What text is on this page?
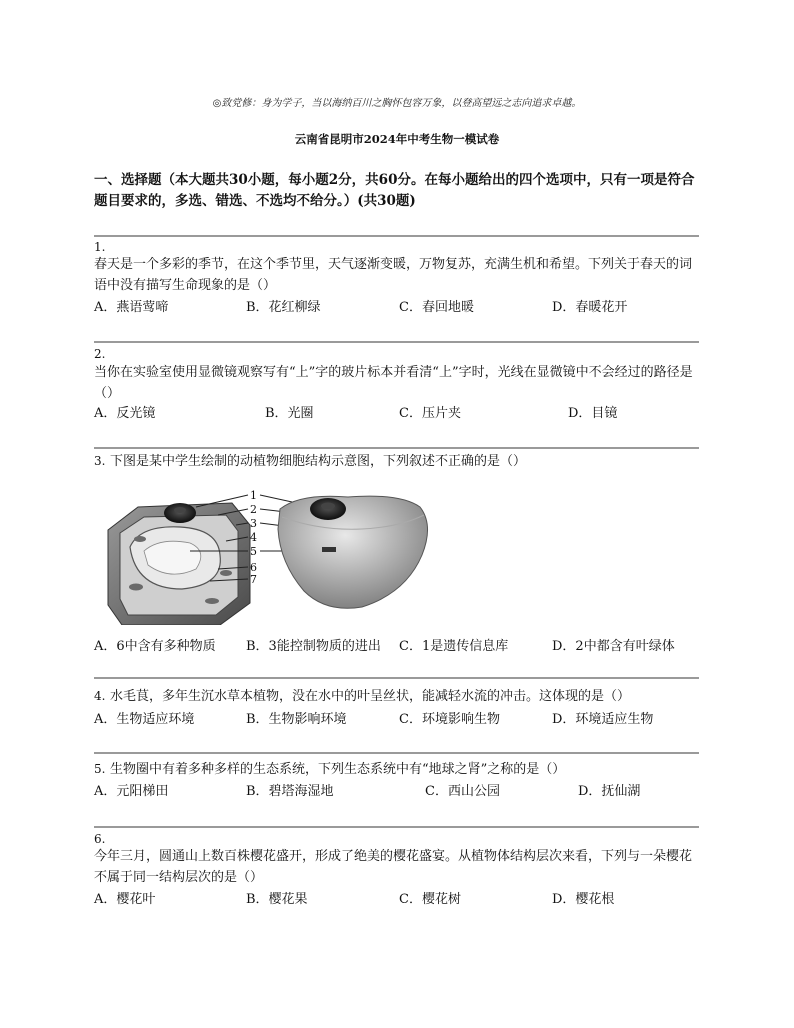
◎致党修：身为学子，当以海纳百川之胸怀包容万象，以登高望远之志向追求卓越。
云南省昆明市2024年中考生物一模试卷
一、选择题（本大题共30小题，每小题2分，共60分。在每小题给出的四个选项中，只有一项是符合题目要求的，多选、错选、不选均不给分。）(共30题)
1.
春天是一个多彩的季节，在这个季节里，天气逐渐变暖，万物复苏，充满生机和希望。下列关于春天的词语中没有描写生命现象的是（）
A．燕语莺啼	B．花红柳绿	C．春回地暖	D．春暖花开
2.
当你在实验室使用显微镜观察写有“上”字的玻片标本并看清“上”字时，光线在显微镜中不会经过的路径是（）
A．反光镜	B．光圈	C．压片夹	D．目镜
3. 下图是某中学生绘制的动植物细胞结构示意图，下列叙述不正确的是（）
1
2
3
4
5
6
7
A．6中含有多种物质 B．3能控制物质的进出 C．1是遗传信息库	D．2中都含有叶绿体
4. 水毛茛，多年生沉水草本植物，没在水中的叶呈丝状，能减轻水流的冲击。这体现的是（）
A．生物适应环境	B．生物影响环境	C．环境影响生物	D．环境适应生物
5. 生物圈中有着多种多样的生态系统，下列生态系统中有“地球之肾”之称的是（）
A．元阳梯田	B．碧塔海湿地	C．西山公园	D．抚仙湖
6.
今年三月，圆通山上数百株樱花盛开，形成了绝美的樱花盛宴。从植物体结构层次来看，下列与一朵樱花不属于同一结构层次的是（）
A．樱花叶	B．樱花果	C．樱花树	D．樱花根
